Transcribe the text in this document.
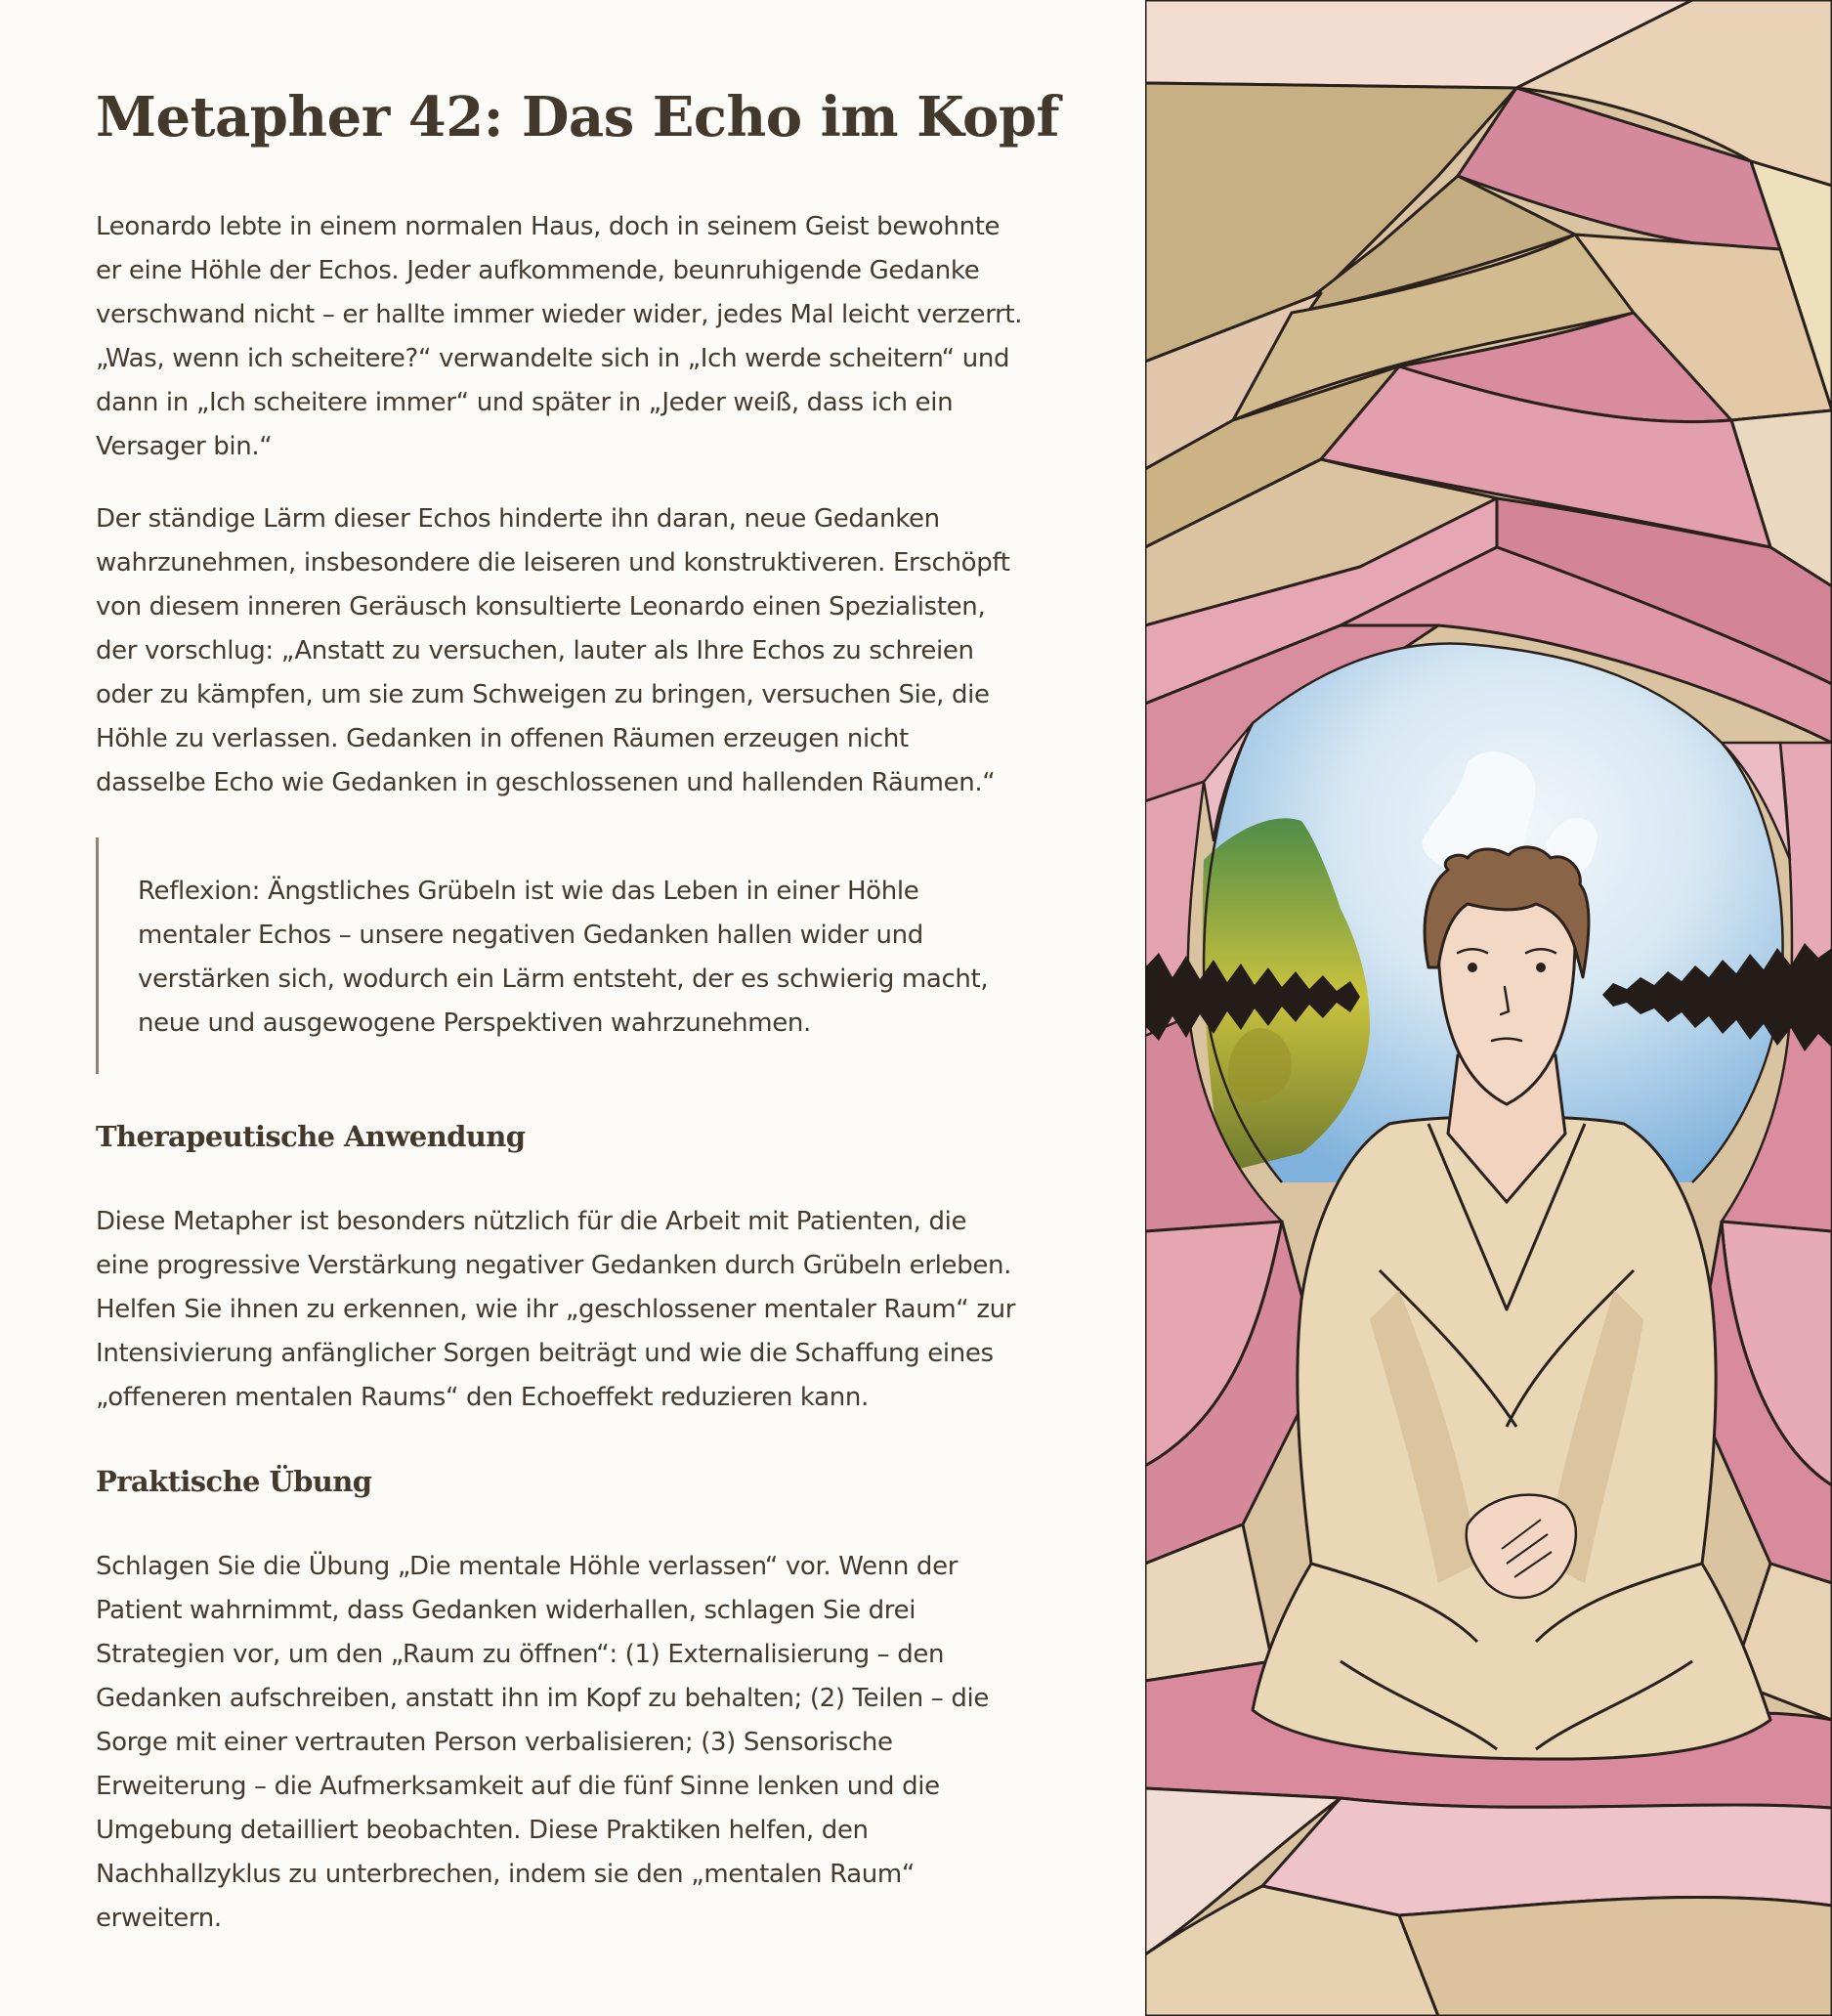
Metapher 42: Das Echo im Kopf

Leonardo lebte in einem normalen Haus, doch in seinem Geist bewohnte
er eine Höhle der Echos. Jeder aufkommende, beunruhigende Gedanke
verschwand nicht – er hallte immer wieder wider, jedes Mal leicht verzerrt.
„Was, wenn ich scheitere?“ verwandelte sich in „Ich werde scheitern“ und
dann in „Ich scheitere immer“ und später in „Jeder weiß, dass ich ein
Versager bin.“

Der ständige Lärm dieser Echos hinderte ihn daran, neue Gedanken
wahrzunehmen, insbesondere die leiseren und konstruktiveren. Erschöpft
von diesem inneren Geräusch konsultierte Leonardo einen Spezialisten,
der vorschlug: „Anstatt zu versuchen, lauter als Ihre Echos zu schreien
oder zu kämpfen, um sie zum Schweigen zu bringen, versuchen Sie, die
Höhle zu verlassen. Gedanken in offenen Räumen erzeugen nicht
dasselbe Echo wie Gedanken in geschlossenen und hallenden Räumen.“

Reflexion: Ängstliches Grübeln ist wie das Leben in einer Höhle
mentaler Echos – unsere negativen Gedanken hallen wider und
verstärken sich, wodurch ein Lärm entsteht, der es schwierig macht,
neue und ausgewogene Perspektiven wahrzunehmen.

Therapeutische Anwendung

Diese Metapher ist besonders nützlich für die Arbeit mit Patienten, die
eine progressive Verstärkung negativer Gedanken durch Grübeln erleben.
Helfen Sie ihnen zu erkennen, wie ihr „geschlossener mentaler Raum“ zur
Intensivierung anfänglicher Sorgen beiträgt und wie die Schaffung eines
„offeneren mentalen Raums“ den Echoeffekt reduzieren kann.

Praktische Übung

Schlagen Sie die Übung „Die mentale Höhle verlassen“ vor. Wenn der
Patient wahrnimmt, dass Gedanken widerhallen, schlagen Sie drei
Strategien vor, um den „Raum zu öffnen“: (1) Externalisierung – den
Gedanken aufschreiben, anstatt ihn im Kopf zu behalten; (2) Teilen – die
Sorge mit einer vertrauten Person verbalisieren; (3) Sensorische
Erweiterung – die Aufmerksamkeit auf die fünf Sinne lenken und die
Umgebung detailliert beobachten. Diese Praktiken helfen, den
Nachhallzyklus zu unterbrechen, indem sie den „mentalen Raum“
erweitern.
